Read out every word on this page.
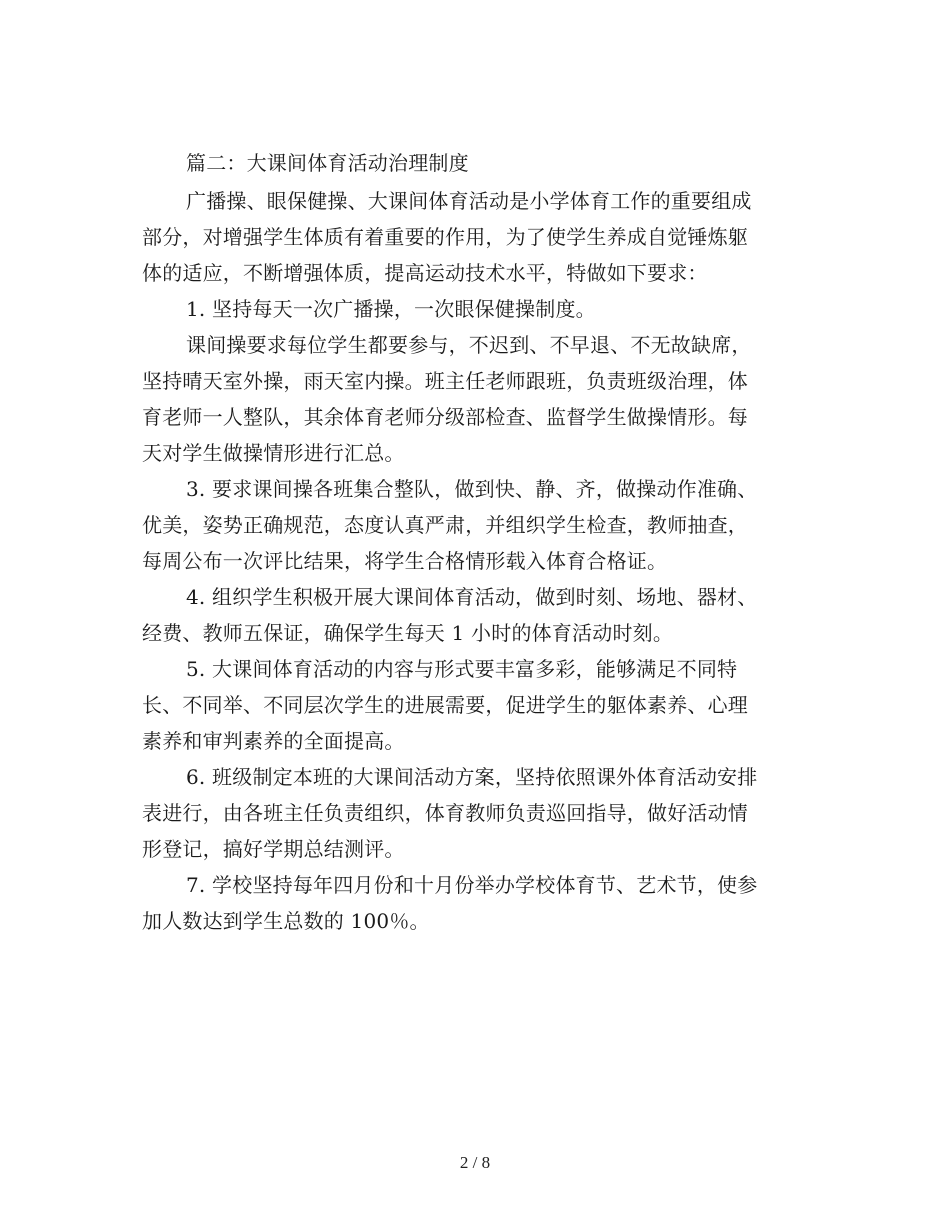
篇二：大课间体育活动治理制度
广播操、眼保健操、大课间体育活动是小学体育工作的重要组成
部分，对增强学生体质有着重要的作用，为了使学生养成自觉锤炼躯
体的适应，不断增强体质，提高运动技术水平，特做如下要求：
1. 坚持每天一次广播操，一次眼保健操制度。
课间操要求每位学生都要参与，不迟到、不早退、不无故缺席，
坚持晴天室外操，雨天室内操。班主任老师跟班，负责班级治理，体
育老师一人整队，其余体育老师分级部检查、监督学生做操情形。每
天对学生做操情形进行汇总。
3. 要求课间操各班集合整队，做到快、静、齐，做操动作准确、
优美，姿势正确规范，态度认真严肃，并组织学生检查，教师抽查，
每周公布一次评比结果，将学生合格情形载入体育合格证。
4. 组织学生积极开展大课间体育活动，做到时刻、场地、器材、
经费、教师五保证，确保学生每天 1 小时的体育活动时刻。
5. 大课间体育活动的内容与形式要丰富多彩，能够满足不同特
长、不同举、不同层次学生的进展需要，促进学生的躯体素养、心理
素养和审判素养的全面提高。
6. 班级制定本班的大课间活动方案，坚持依照课外体育活动安排
表进行，由各班主任负责组织，体育教师负责巡回指导，做好活动情
形登记，搞好学期总结测评。
7. 学校坚持每年四月份和十月份举办学校体育节、艺术节，使参
加人数达到学生总数的 100％。
2 / 8
